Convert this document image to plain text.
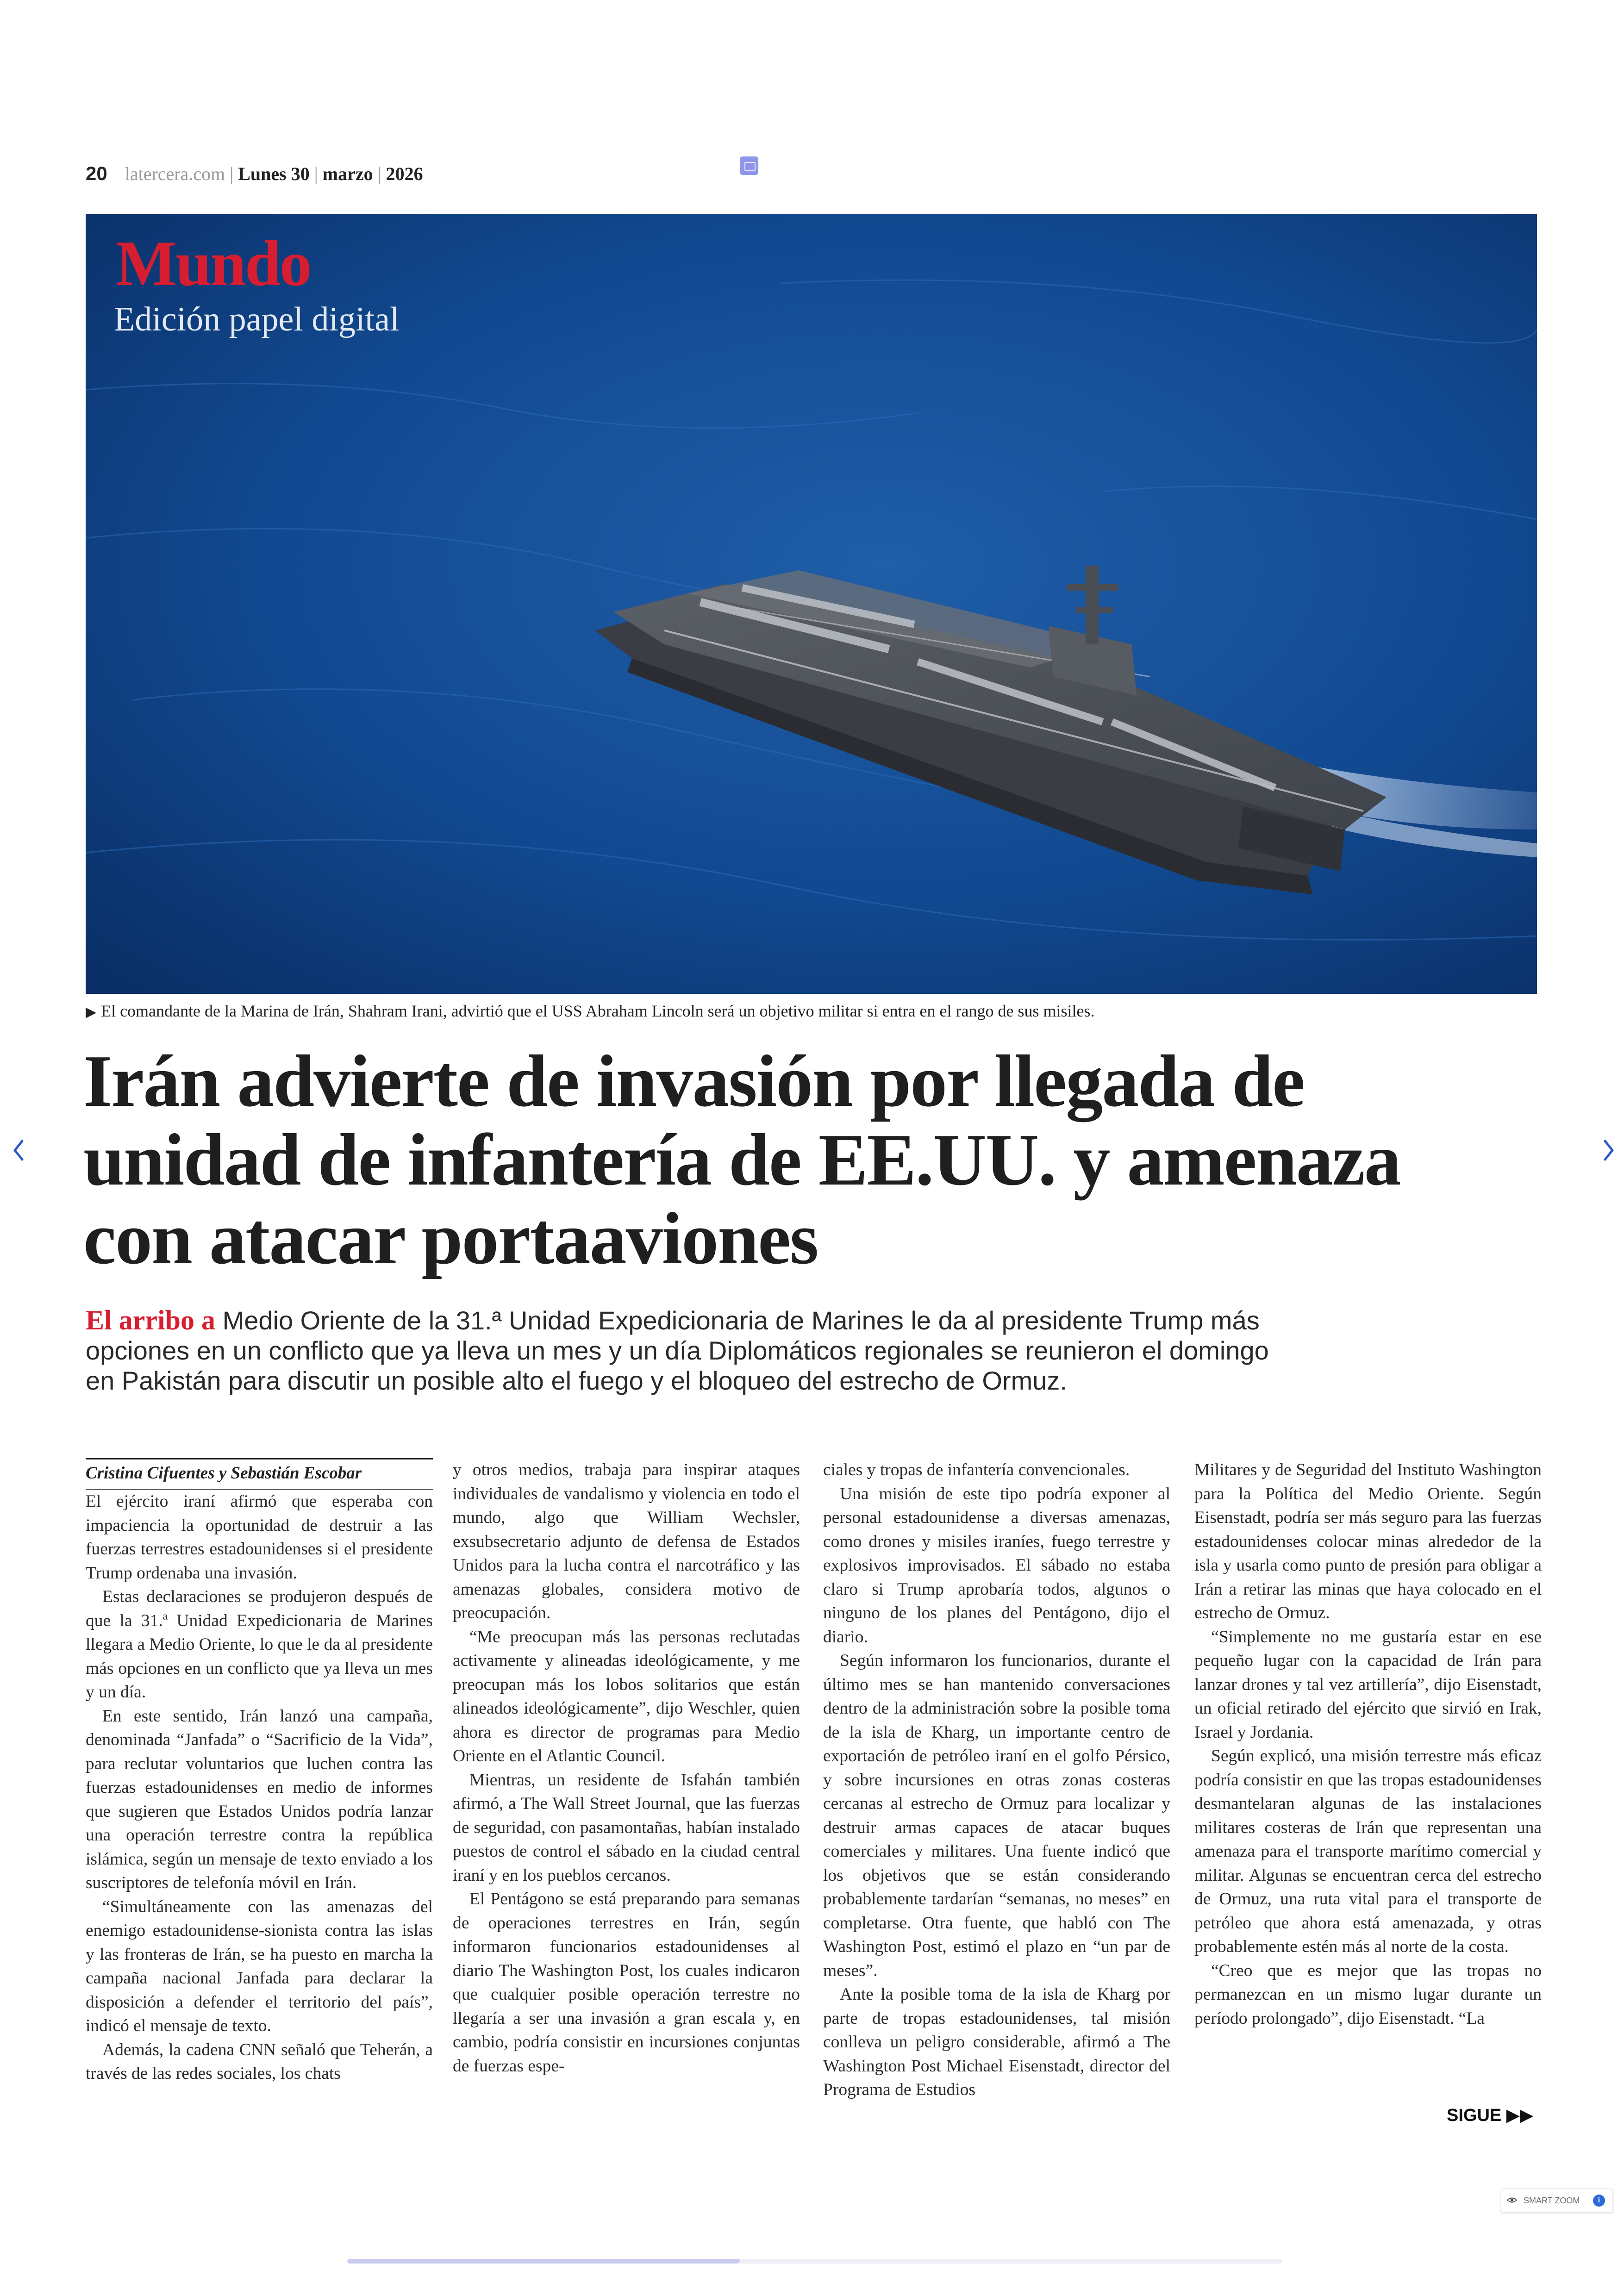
20 latercera.com | Lunes 30 | marzo | 2026
Mundo
Edición papel digital
▶ El comandante de la Marina de Irán, Shahram Irani, advirtió que el USS Abraham Lincoln será un objetivo militar si entra en el rango de sus misiles.
Irán advierte de invasión por llegada de unidad de infantería de EE.UU. y amenaza con atacar portaaviones
El arribo a Medio Oriente de la 31.ª Unidad Expedicionaria de Marines le da al presidente Trump más opciones en un conflicto que ya lleva un mes y un día Diplomáticos regionales se reunieron el domingo en Pakistán para discutir un posible alto el fuego y el bloqueo del estrecho de Ormuz.

Cristina Cifuentes y Sebastián Escobar

El ejército iraní afirmó que esperaba con impaciencia la oportunidad de destruir a las fuerzas terrestres estadounidenses si el presidente Trump ordenaba una invasión.

Estas declaraciones se produjeron después de que la 31.ª Unidad Expedicionaria de Marines llegara a Medio Oriente, lo que le da al presidente más opciones en un conflicto que ya lleva un mes y un día.

En este sentido, Irán lanzó una campaña, denominada “Janfada” o “Sacrificio de la Vida”, para reclutar voluntarios que luchen contra las fuerzas estadounidenses en medio de informes que sugieren que Estados Unidos podría lanzar una operación terrestre contra la república islámica, según un mensaje de texto enviado a los suscriptores de telefonía móvil en Irán.

“Simultáneamente con las amenazas del enemigo estadounidense-sionista contra las islas y las fronteras de Irán, se ha puesto en marcha la campaña nacional Janfada para declarar la disposición a defender el territorio del país”, indicó el mensaje de texto.

Además, la cadena CNN señaló que Teherán, a través de las redes sociales, los chats

y otros medios, trabaja para inspirar ataques individuales de vandalismo y violencia en todo el mundo, algo que William Wechsler, exsubsecretario adjunto de defensa de Estados Unidos para la lucha contra el narcotráfico y las amenazas globales, considera motivo de preocupación.

“Me preocupan más las personas reclutadas activamente y alineadas ideológicamente, y me preocupan más los lobos solitarios que están alineados ideológicamente”, dijo Weschler, quien ahora es director de programas para Medio Oriente en el Atlantic Council.

Mientras, un residente de Isfahán también afirmó, a The Wall Street Journal, que las fuerzas de seguridad, con pasamontañas, habían instalado puestos de control el sábado en la ciudad central iraní y en los pueblos cercanos.

El Pentágono se está preparando para semanas de operaciones terrestres en Irán, según informaron funcionarios estadounidenses al diario The Washington Post, los cuales indicaron que cualquier posible operación terrestre no llegaría a ser una invasión a gran escala y, en cambio, podría consistir en incursiones conjuntas de fuerzas espe-

ciales y tropas de infantería convencionales.

Una misión de este tipo podría exponer al personal estadounidense a diversas amenazas, como drones y misiles iraníes, fuego terrestre y explosivos improvisados. El sábado no estaba claro si Trump aprobaría todos, algunos o ninguno de los planes del Pentágono, dijo el diario.

Según informaron los funcionarios, durante el último mes se han mantenido conversaciones dentro de la administración sobre la posible toma de la isla de Kharg, un importante centro de exportación de petróleo iraní en el golfo Pérsico, y sobre incursiones en otras zonas costeras cercanas al estrecho de Ormuz para localizar y destruir armas capaces de atacar buques comerciales y militares. Una fuente indicó que los objetivos que se están considerando probablemente tardarían “semanas, no meses” en completarse. Otra fuente, que habló con The Washington Post, estimó el plazo en “un par de meses”.

Ante la posible toma de la isla de Kharg por parte de tropas estadounidenses, tal misión conlleva un peligro considerable, afirmó a The Washington Post Michael Eisenstadt, director del Programa de Estudios

Militares y de Seguridad del Instituto Washington para la Política del Medio Oriente. Según Eisenstadt, podría ser más seguro para las fuerzas estadounidenses colocar minas alrededor de la isla y usarla como punto de presión para obligar a Irán a retirar las minas que haya colocado en el estrecho de Ormuz.

“Simplemente no me gustaría estar en ese pequeño lugar con la capacidad de Irán para lanzar drones y tal vez artillería”, dijo Eisenstadt, un oficial retirado del ejército que sirvió en Irak, Israel y Jordania.

Según explicó, una misión terrestre más eficaz podría consistir en que las tropas estadounidenses desmantelaran algunas de las instalaciones militares costeras de Irán que representan una amenaza para el transporte marítimo comercial y militar. Algunas se encuentran cerca del estrecho de Ormuz, una ruta vital para el transporte de petróleo que ahora está amenazada, y otras probablemente estén más al norte de la costa.

“Creo que es mejor que las tropas no permanezcan en un mismo lugar durante un período prolongado”, dijo Eisenstadt. “La

SIGUE ▶▶
SMART ZOOM	i
